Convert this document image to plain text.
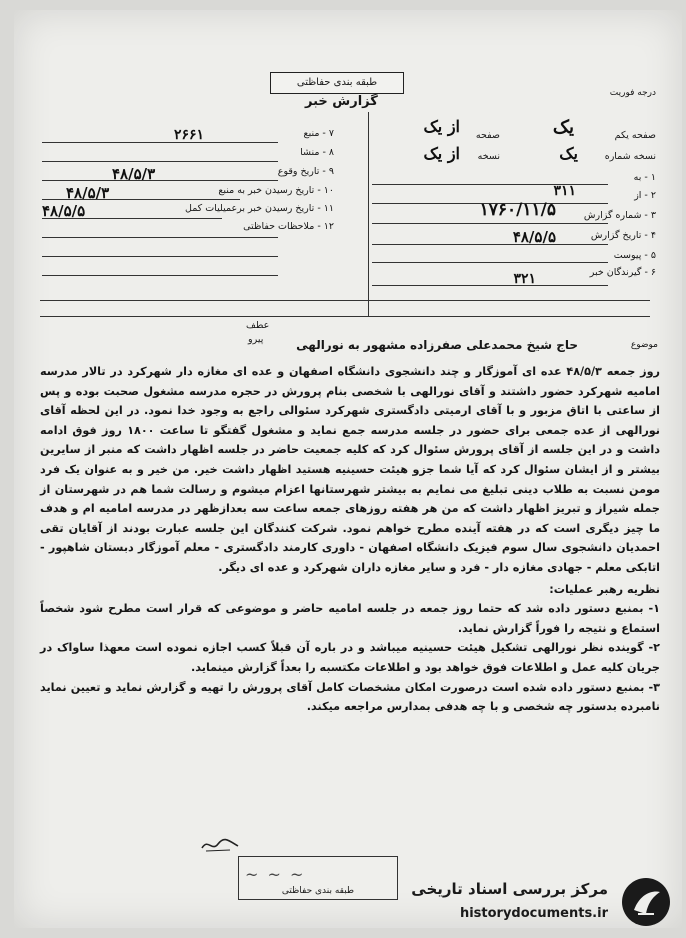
درجه فوریت
طبقه بندی حفاظتی
گزارش خبر
صفحه یکم
یک
صفحه
از یک
نسخه شماره
یک
نسخه
از یک
۱ - به
۲ - از
۳۱۱
۳ - شماره گزارش
۱۷۶۰/۱۱/۵
۴ - تاریخ گزارش
۴۸/۵/۵
۵ - پیوست
۶ - گیرندگان خبر
۳۲۱
۷ - منبع
۲۶۶۱
۸ - منشا
۹ - تاریخ وقوع
۴۸/۵/۳
۱۰ - تاریخ رسیدن خبر به منبع
۴۸/۵/۳
۱۱ - تاریخ رسیدن خبر برعمیلیات کمل
۴۸/۵/۵
۱۲ - ملاحظات حفاظتی
عطف
پیرو	موضوع
حاج شیخ محمدعلی صفرزاده مشهور به نورالهی

روز جمعه ۴۸/۵/۳ عده ای آموزگار و چند دانشجوی دانشگاه اصفهان و عده ای مغازه دار شهرکرد در تالار مدرسه امامیه شهرکرد حضور داشتند و آقای نورالهی با شخصی بنام پرورش در حجره مدرسه مشغول صحبت بوده و پس از ساعتی با اتاق مزبور و با آقای ارمیتی دادگستری شهرکرد سئوالی راجع به وجود خدا نمود. در این لحظه آقای نورالهی از عده جمعی برای حضور در جلسه مدرسه جمع نماید و مشغول گفتگو تا ساعت ۱۸۰۰ روز فوق ادامه داشت و در این جلسه از آقای پرورش سئوال کرد که کلیه جمعیت حاضر در جلسه اظهار داشت که منبر از سایرین بیشتر و از ایشان سئوال کرد که آیا شما جزو هیئت حسینیه هستید اظهار داشت خیر. من خیر و به عنوان یک فرد مومن نسبت به طلاب دینی تبلیغ می نمایم به بیشتر شهرستانها اعزام میشوم و رسالت شما هم در شهرستان از جمله شیراز و تبریز اظهار داشت که من هر هفته روزهای جمعه ساعت سه بعدازظهر در مدرسه امامیه ام و هدف ما چیز دیگری است که در هفته آینده مطرح خواهم نمود. شرکت کنندگان این جلسه عبارت بودند از آقایان تقی احمدیان دانشجوی سال سوم فیزیک دانشگاه اصفهان - داوری کارمند دادگستری - معلم آموزگار دبستان شاهپور - اتابکی معلم - جهادی مغازه دار - فرد و سایر مغازه داران شهرکرد و عده ای دیگر.

نظریه رهبر عملیات:

۱- بمنبع دستور داده شد که حتما روز جمعه در جلسه امامیه حاضر و موضوعی که قرار است مطرح شود شخصاً استماع و نتیجه را فوراً گزارش نماید.

۲- گوینده نظر نورالهی تشکیل هیئت حسینیه میباشد و در باره آن قبلاً کسب اجازه نموده است معهذا ساواک در جریان کلیه عمل و اطلاعات فوق خواهد بود و اطلاعات مکتسبه را بعداً گزارش مینماید.

۳- بمنبع دستور داده شده است درصورت امکان مشخصات کامل آقای پرورش را تهیه و گزارش نماید و تعیین نماید نامبرده بدستور چه شخصی و با چه هدفی بمدارس مراجعه میکند.

~ ~ ~
طبقه بندی حفاظتی	مرکز بررسی اسناد تاریخی
historydocuments.ir
